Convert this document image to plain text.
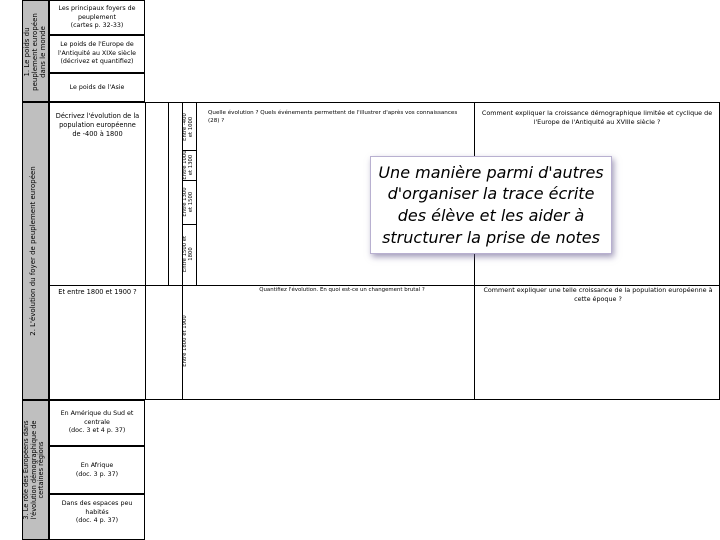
1. Le poids du peuplement européen dans le monde
2. L'évolution du foyer de peuplement européen
3. Le rôle des Européens dans l'évolution démographique de certaines régions
Les principaux foyers de
peuplement
(cartes p. 32-33)
Le poids de l'Europe de
l'Antiquité au XIXe siècle
(décrivez et quantifiez)
Le poids de l'Asie
Décrivez l'évolution de la
population européenne
de -400 à 1800	Entre -400 et 1000
Entre 1000 et 1300
Entre 1300 et 1500
Entre 1500 et 1800
Quelle évolution ? Quels événements permettent de l'illustrer d'après vos connaissances (28) ?
Comment expliquer la croissance démographique limitée et cyclique de l'Europe de l'Antiquité au XVIIIe siècle ?
Et entre 1800 et 1900 ?
Entre 1800 et 1900
Quantifiez l'évolution. En quoi est-ce un changement brutal ?	Comment expliquer une telle croissance de la population européenne à cette époque ?
En Amérique du Sud et
centrale
(doc. 3 et 4 p. 37)
En Afrique
(doc. 3 p. 37)
Dans des espaces peu
habités
(doc. 4 p. 37)
Une manière parmi d'autres d'organiser la trace écrite des élève et les aider à structurer la prise de notes
